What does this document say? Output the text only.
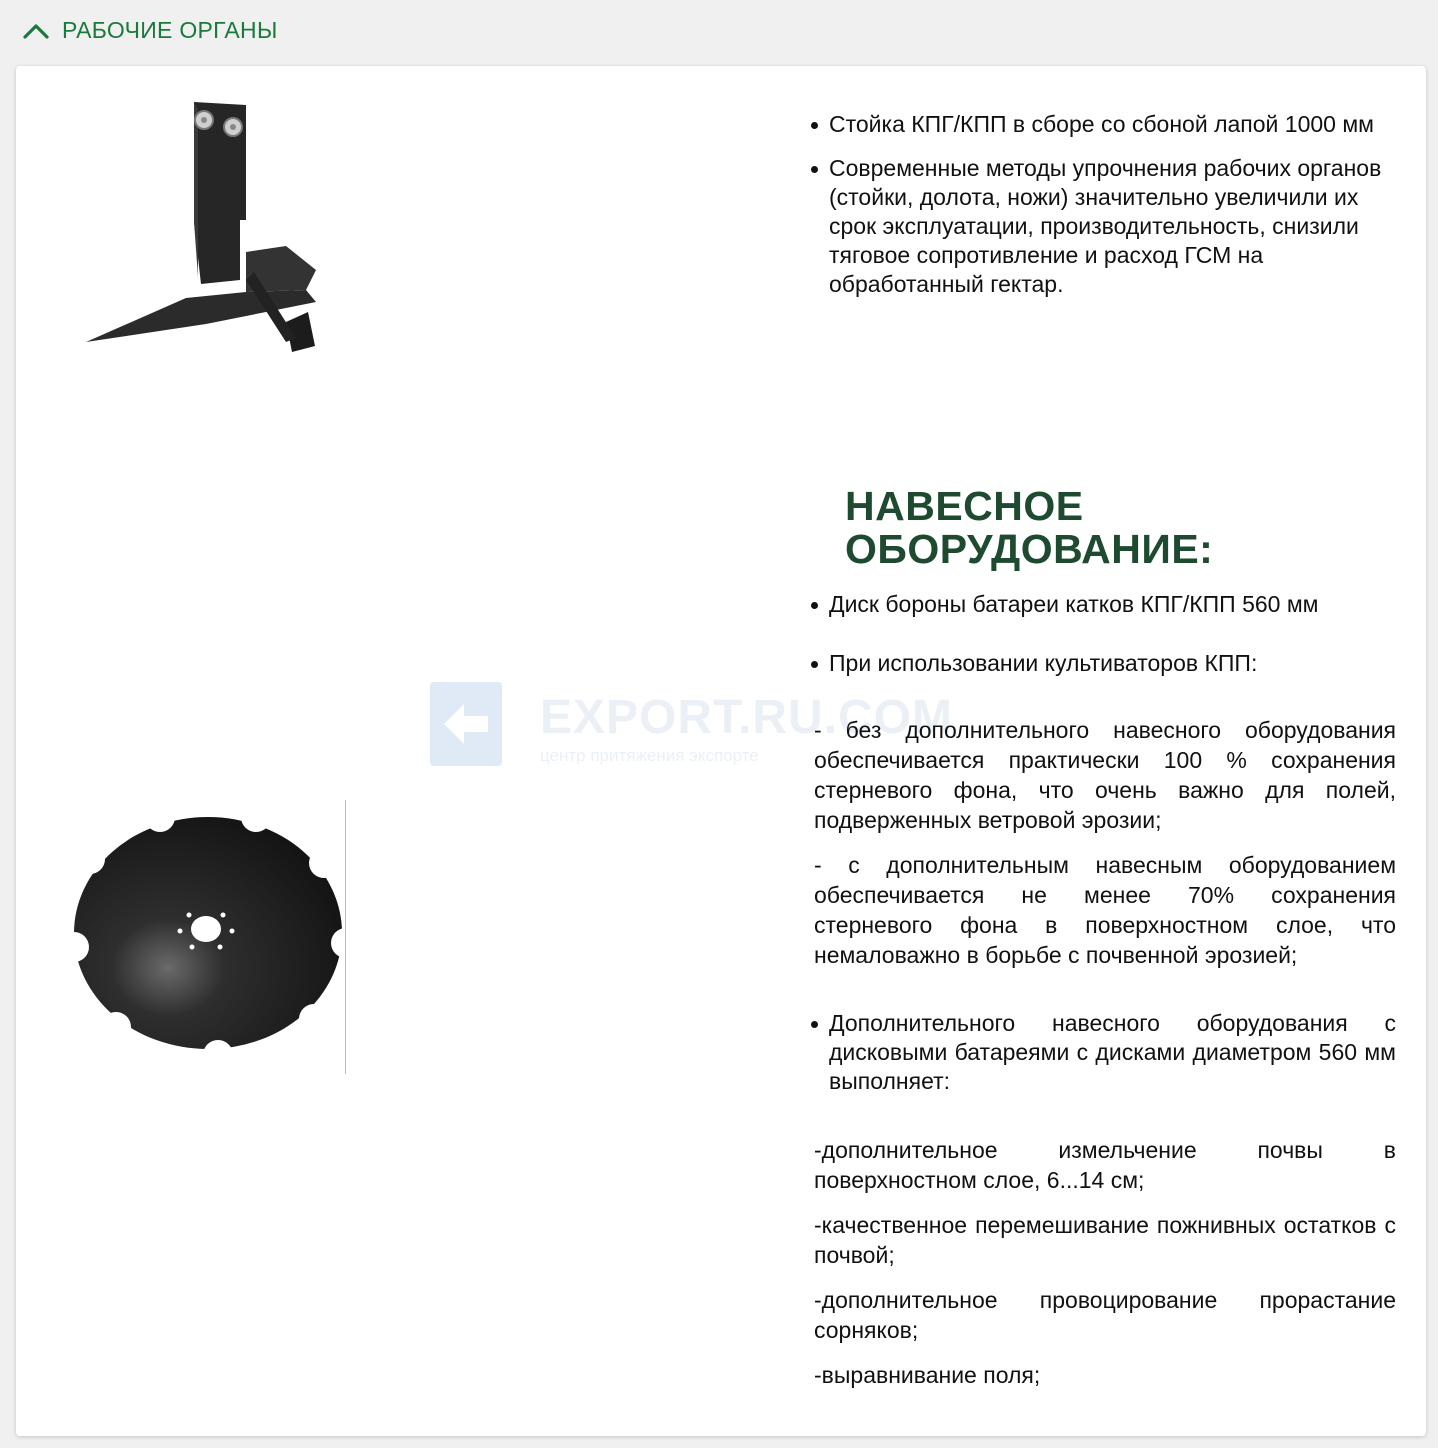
РАБОЧИЕ ОРГАНЫ
EXPORT.RU.COM
центр притяжения экспорте
Стойка КПГ/КПП в сборе со сбоной лапой 1000 мм
Современные методы упрочнения рабочих органов (стойки, долота, ножи) значительно увеличили их срок эксплуатации, производительность, снизили тяговое сопротивление и расход ГСМ на обработанный гектар.
НАВЕСНОЕ ОБОРУДОВАНИЕ:
Диск бороны батареи катков КПГ/КПП 560 мм
При использовании культиваторов КПП:

- без дополнительного навесного оборудования обеспечивается практически 100 % сохранения стерневого фона, что очень важно для полей, подверженных ветровой эрозии;

- с дополнительным навесным оборудованием обеспечивается не менее 70% сохранения стерневого фона в поверхностном слое, что немаловажно в борьбе с почвенной эрозией;

Дополнительного навесного оборудования с дисковыми батареями с дисками диаметром 560 мм выполняет:

-дополнительное измельчение почвы в поверхностном слое, 6...14 см;

-качественное перемешивание пожнивных остатков с почвой;

-дополнительное провоцирование прорастание сорняков;

-выравнивание поля;
